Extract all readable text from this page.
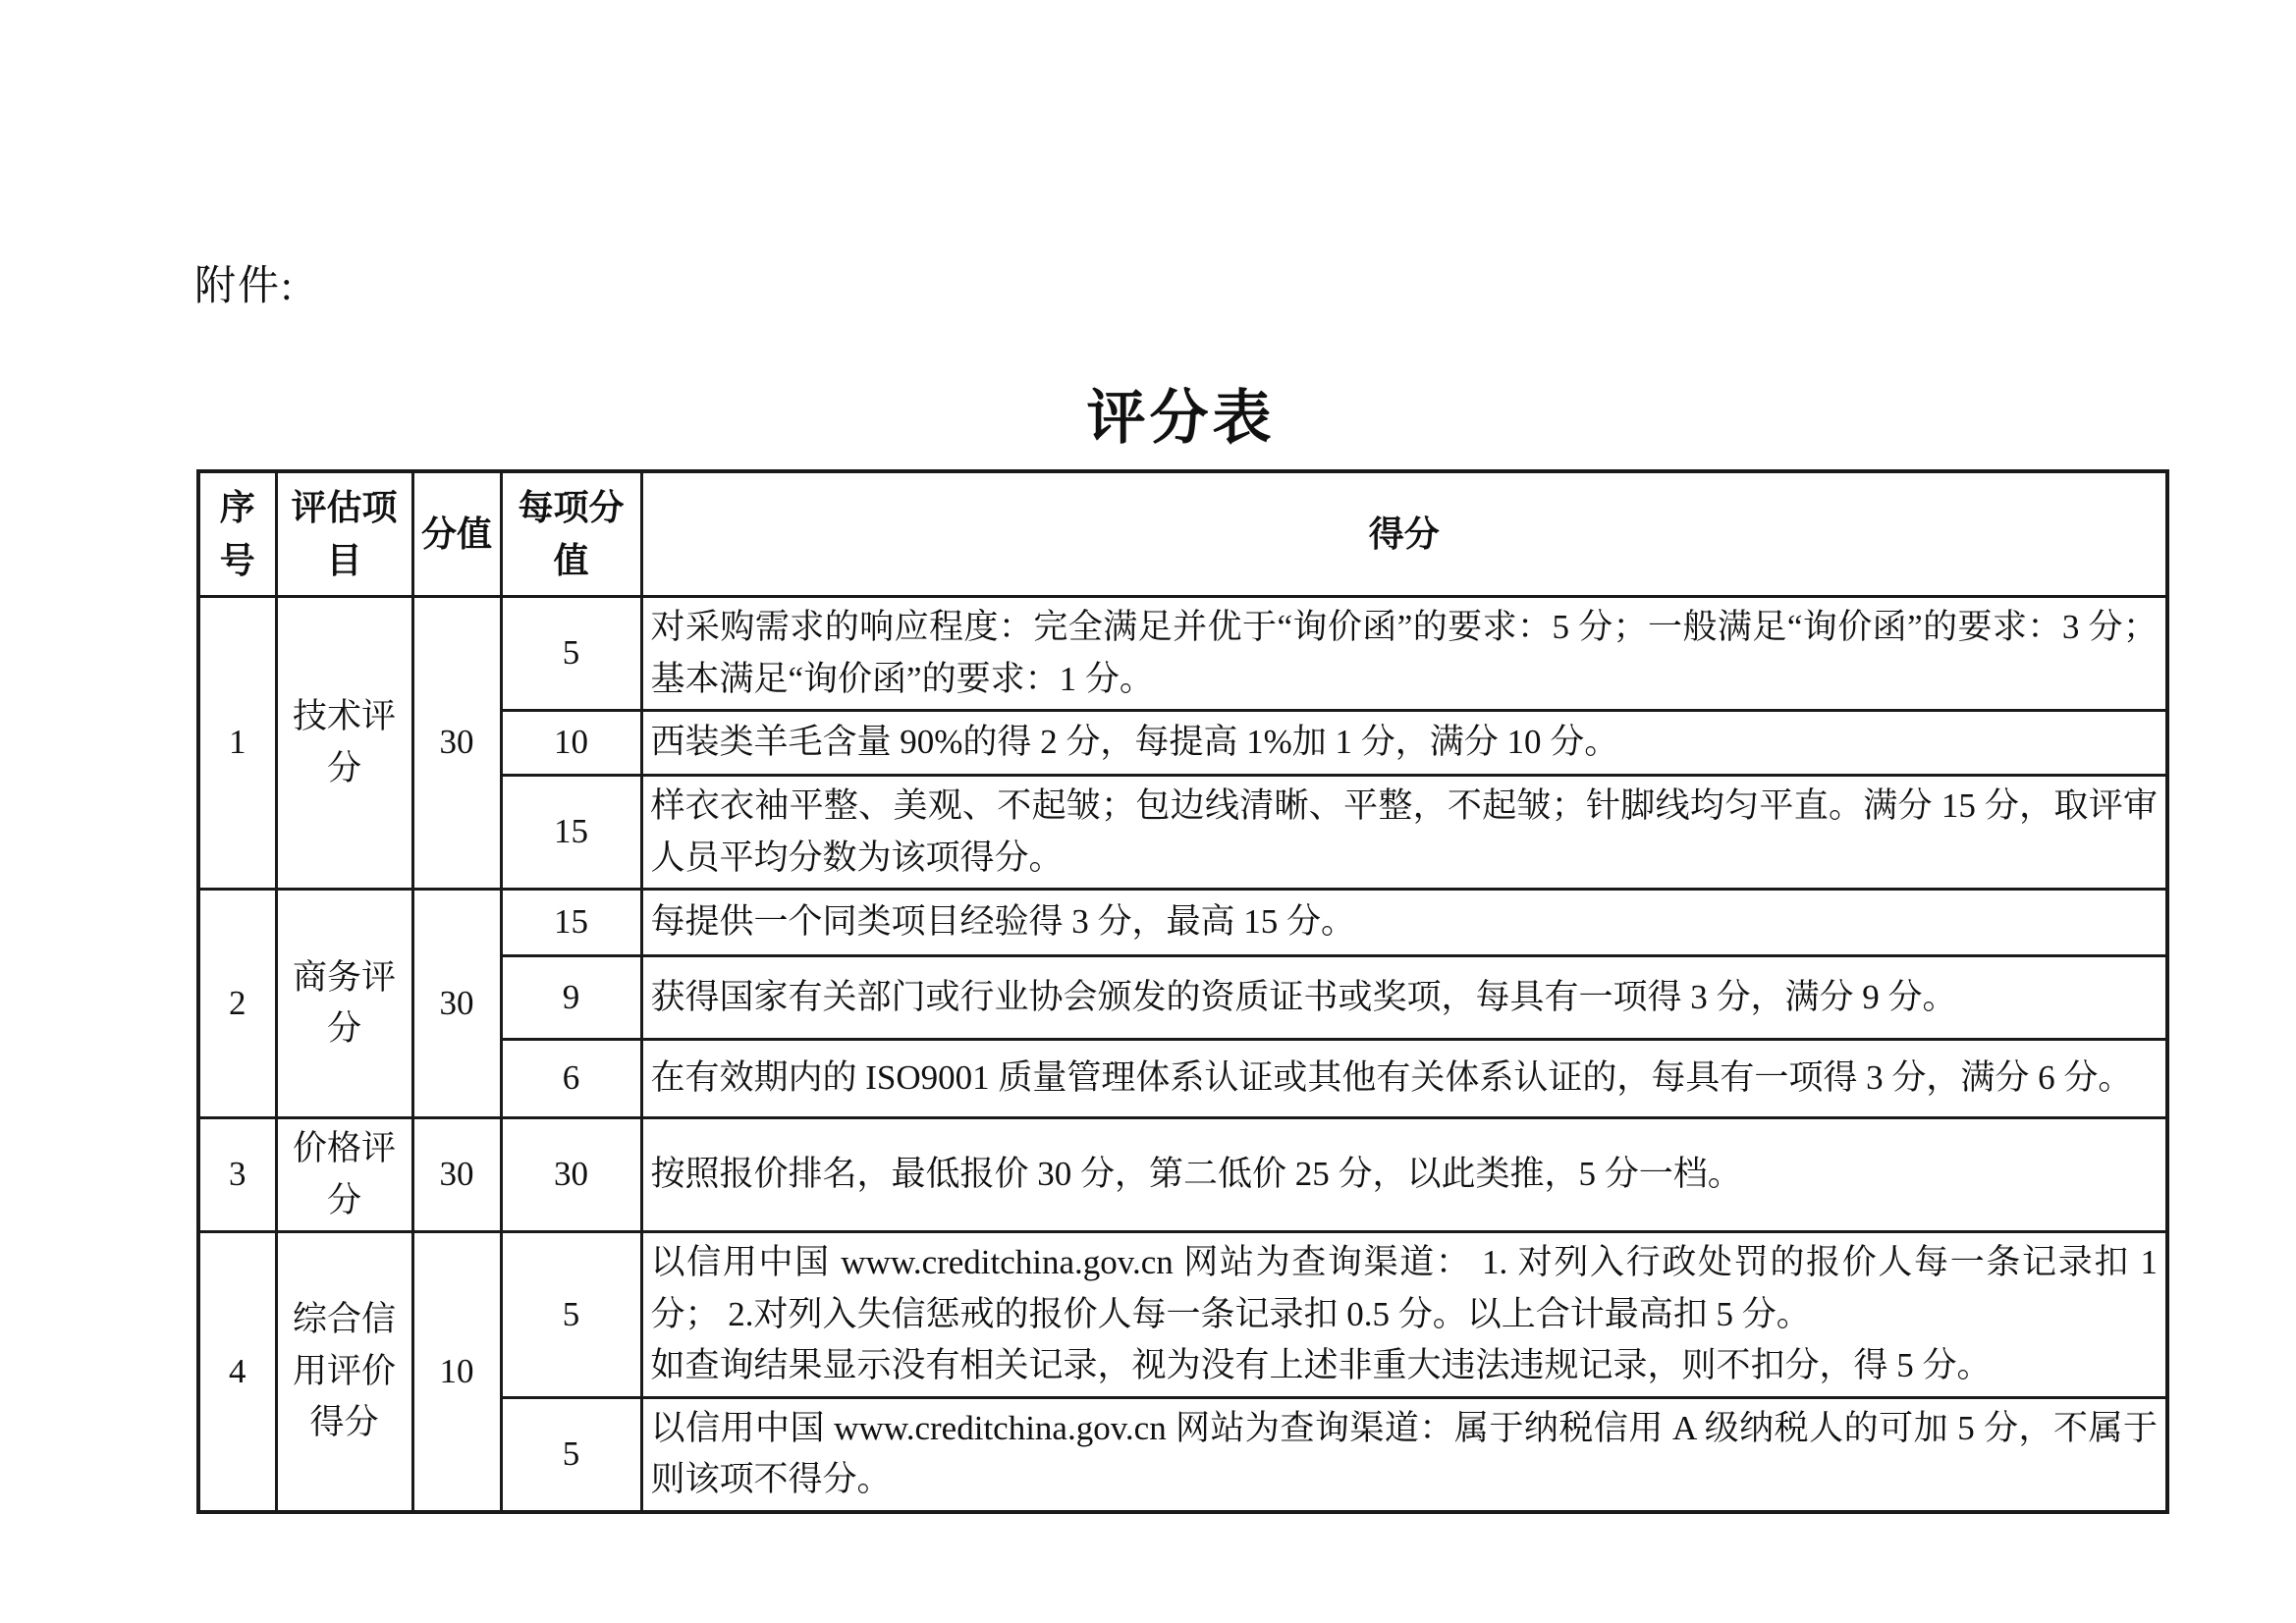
附件:
评分表
序号	评估项目	分值	每项分值	得分
1	技术评分	30	5	对采购需求的响应程度：完全满足并优于“询价函”的要求：5 分；一般满足“询价函”的要求：3 分；基本满足“询价函”的要求：1 分。
			10	西装类羊毛含量 90%的得 2 分，每提高 1%加 1 分，满分 10 分。
			15	样衣衣袖平整、美观、不起皱；包边线清晰、平整，不起皱；针脚线均匀平直。满分 15 分，取评审人员平均分数为该项得分。
2	商务评分	30	15	每提供一个同类项目经验得 3 分，最高 15 分。
			9	获得国家有关部门或行业协会颁发的资质证书或奖项，每具有一项得 3 分，满分 9 分。
			6	在有效期内的 ISO9001 质量管理体系认证或其他有关体系认证的，每具有一项得 3 分，满分 6 分。
3	价格评分	30	30	按照报价排名，最低报价 30 分，第二低价 25 分，以此类推，5 分一档。
4	综合信用评价得分	10	5	以信用中国 www.creditchina.gov.cn 网站为查询渠道： 1. 对列入行政处罚的报价人每一条记录扣 1 分； 2.对列入失信惩戒的报价人每一条记录扣 0.5 分。以上合计最高扣 5 分。
如查询结果显示没有相关记录，视为没有上述非重大违法违规记录，则不扣分，得 5 分。

			5	以信用中国 www.creditchina.gov.cn 网站为查询渠道：属于纳税信用 A 级纳税人的可加 5 分，不属于则该项不得分。
